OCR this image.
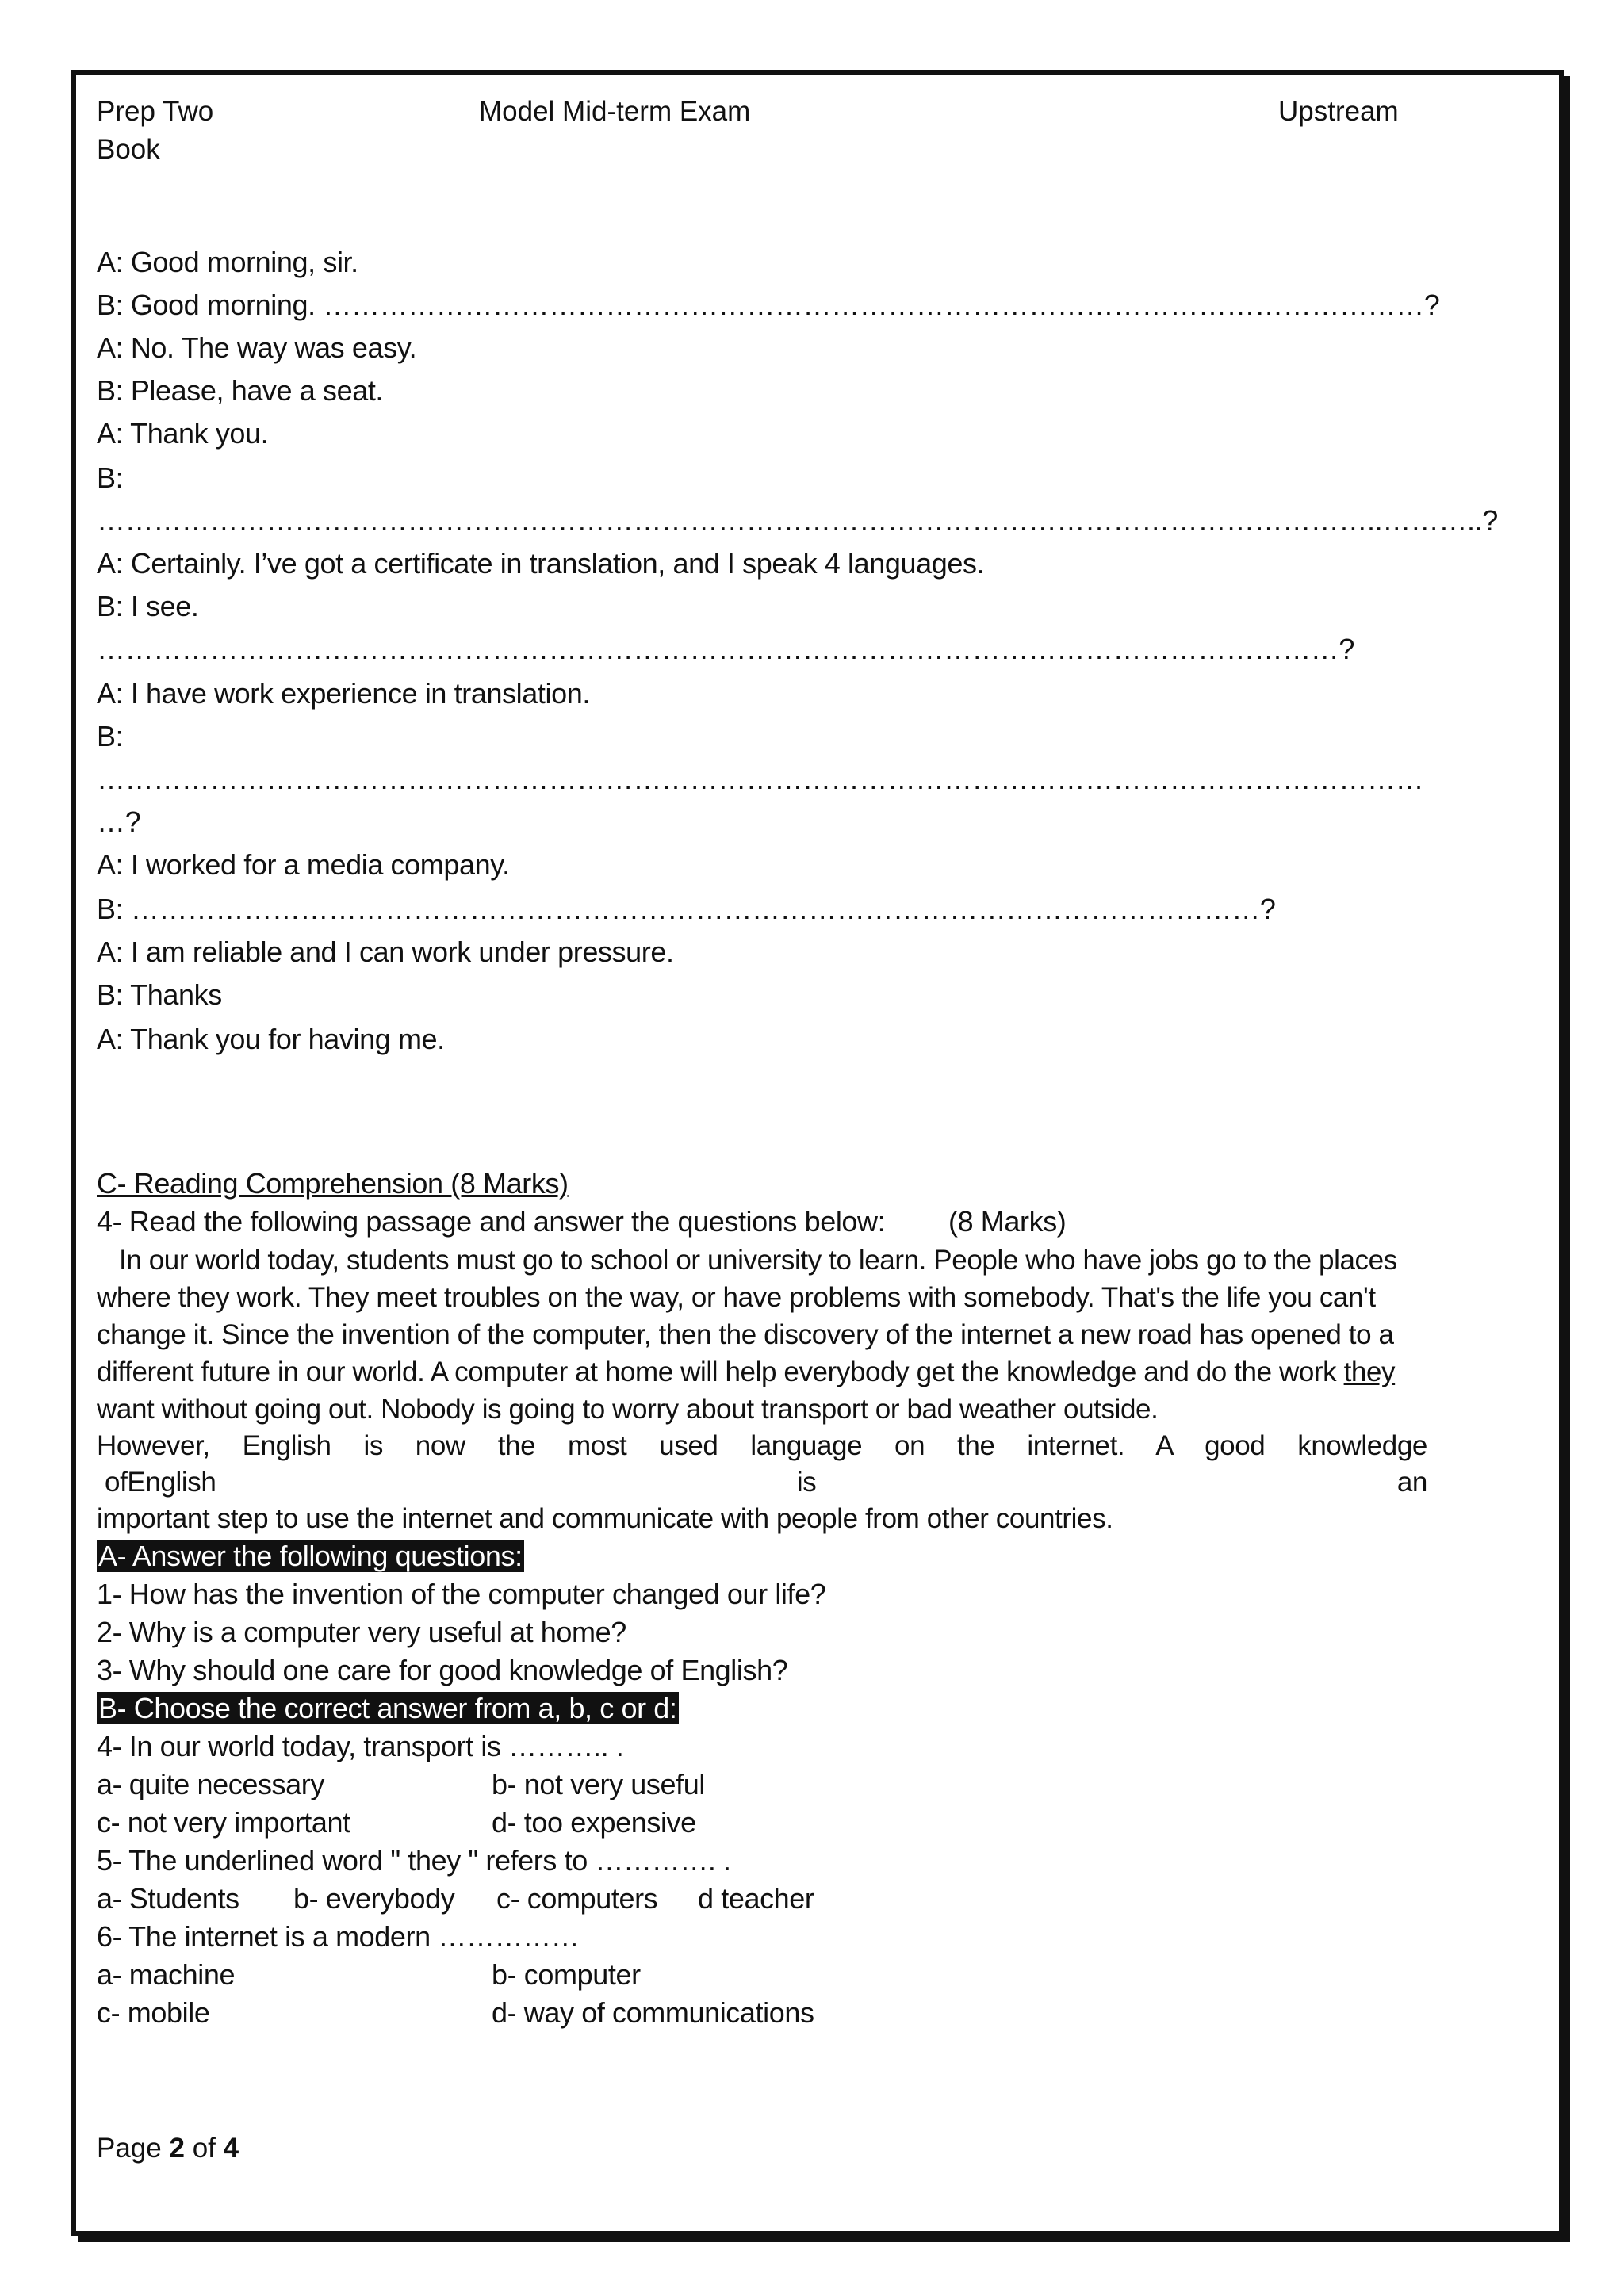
Prep Two
Book
Model Mid-term Exam	Upstream
A: Good morning, sir.
B: Good morning. ………………………………………………………………………………………………………?
A: No. The way was easy.
B: Please, have a seat.
A: Thank you.
B:
………………………………………………………………………………………………………………………..………..?
A: Certainly. I’ve got a certificate in translation, and I speak 4 languages.
B: I see.
……………………………………………………………………………………………………………………?
A: I have work experience in translation.
B:
……………………………………………………………………………………………………………………………
…?
A: I worked for a media company.
B: …………………………………………………………………………………………………………?
A: I am reliable and I can work under pressure.
B: Thanks
A: Thank you for having me.
C- Reading Comprehension (8 Marks)
4- Read the following passage and answer the questions below: (8 Marks)
In our world today, students must go to school or university to learn. People who have jobs go to the places where they work. They meet troubles on the way, or have problems with somebody. That's the life you can't change it. Since the invention of the computer, then the discovery of the internet a new road has opened to a different future in our world. A computer at home will help everybody get the knowledge and do the work they want without going out. Nobody is going to worry about transport or bad weather outside.
However, English is now the most used language on the internet. A good knowledge
ofEnglish is an
important step to use the internet and communicate with people from other countries.
A- Answer the following questions:
1- How has the invention of the computer changed our life?
2- Why is a computer very useful at home?
3- Why should one care for good knowledge of English?
B- Choose the correct answer from a, b, c or d:
4- In our world today, transport is ……….. .
a- quite necessary	b- not very useful
c- not very important	d- too expensive
5- The underlined word " they " refers to …………. .
a- Students b- everybody c- computers d teacher
6- The internet is a modern ……………
a- machine	b- computer
c- mobile	d- way of communications
Page 2 of 4
